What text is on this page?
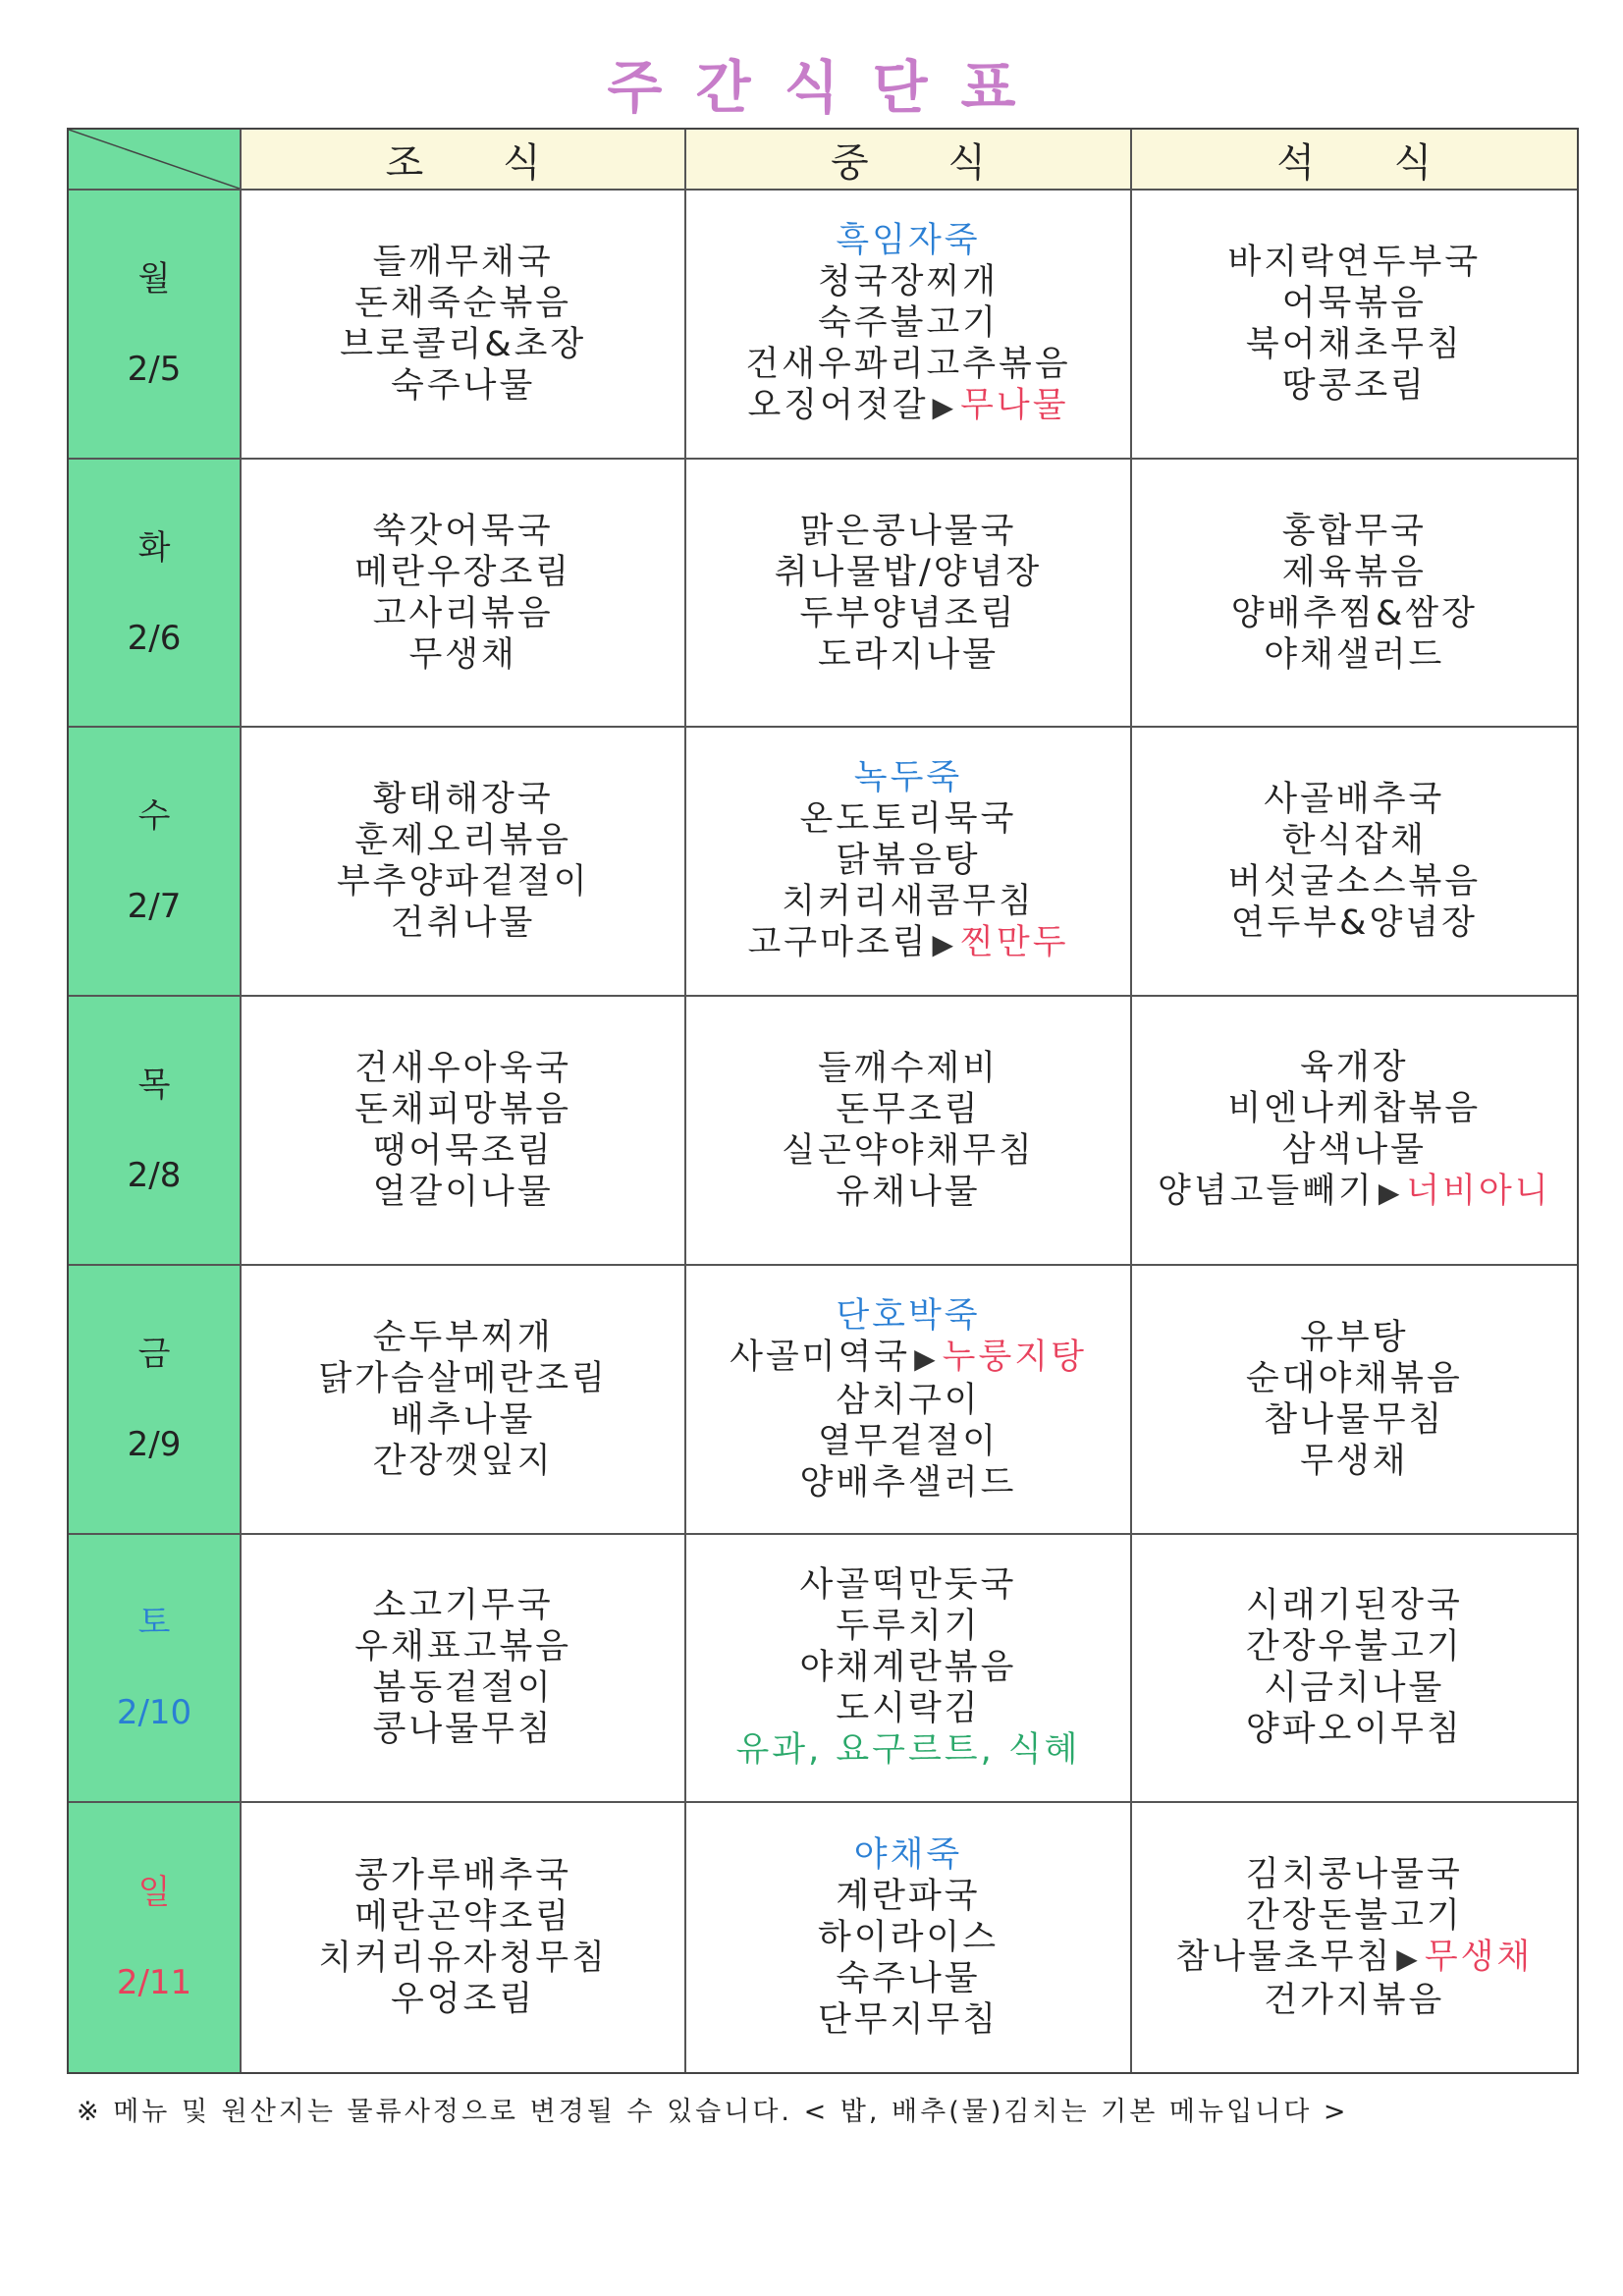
주간식단표
조 식	중 식	석 식
월
2/5
들깨무채국
돈채죽순볶음
브로콜리&초장
숙주나물
흑임자죽
청국장찌개
숙주불고기
건새우꽈리고추볶음
오징어젓갈 ▶ 무나물
바지락연두부국
어묵볶음
북어채초무침
땅콩조림
화
2/6
쑥갓어묵국
메란우장조림
고사리볶음
무생채
맑은콩나물국
취나물밥/양념장
두부양념조림
도라지나물
홍합무국
제육볶음
양배추찜&쌈장
야채샐러드
수
2/7
황태해장국
훈제오리볶음
부추양파겉절이
건취나물
녹두죽
온도토리묵국
닭볶음탕
치커리새콤무침
고구마조림 ▶ 찐만두
사골배추국
한식잡채
버섯굴소스볶음
연두부&양념장
목
2/8
건새우아욱국
돈채피망볶음
땡어묵조림
얼갈이나물
들깨수제비
돈무조림
실곤약야채무침
유채나물
육개장
비엔나케찹볶음
삼색나물
양념고들빼기 ▶ 너비아니
금
2/9
순두부찌개
닭가슴살메란조림
배추나물
간장깻잎지
단호박죽
사골미역국 ▶ 누룽지탕
삼치구이
열무겉절이
양배추샐러드
유부탕
순대야채볶음
참나물무침
무생채
토
2/10
소고기무국
우채표고볶음
봄동겉절이
콩나물무침
사골떡만둣국
두루치기
야채계란볶음
도시락김
유과, 요구르트, 식혜
시래기된장국
간장우불고기
시금치나물
양파오이무침
일
2/11
콩가루배추국
메란곤약조림
치커리유자청무침
우엉조림
야채죽
계란파국
하이라이스
숙주나물
단무지무침
김치콩나물국
간장돈불고기
참나물초무침 ▶ 무생채
건가지볶음
※ 메뉴 및 원산지는 물류사정으로 변경될 수 있습니다. < 밥, 배추(물)김치는 기본 메뉴입니다 >
